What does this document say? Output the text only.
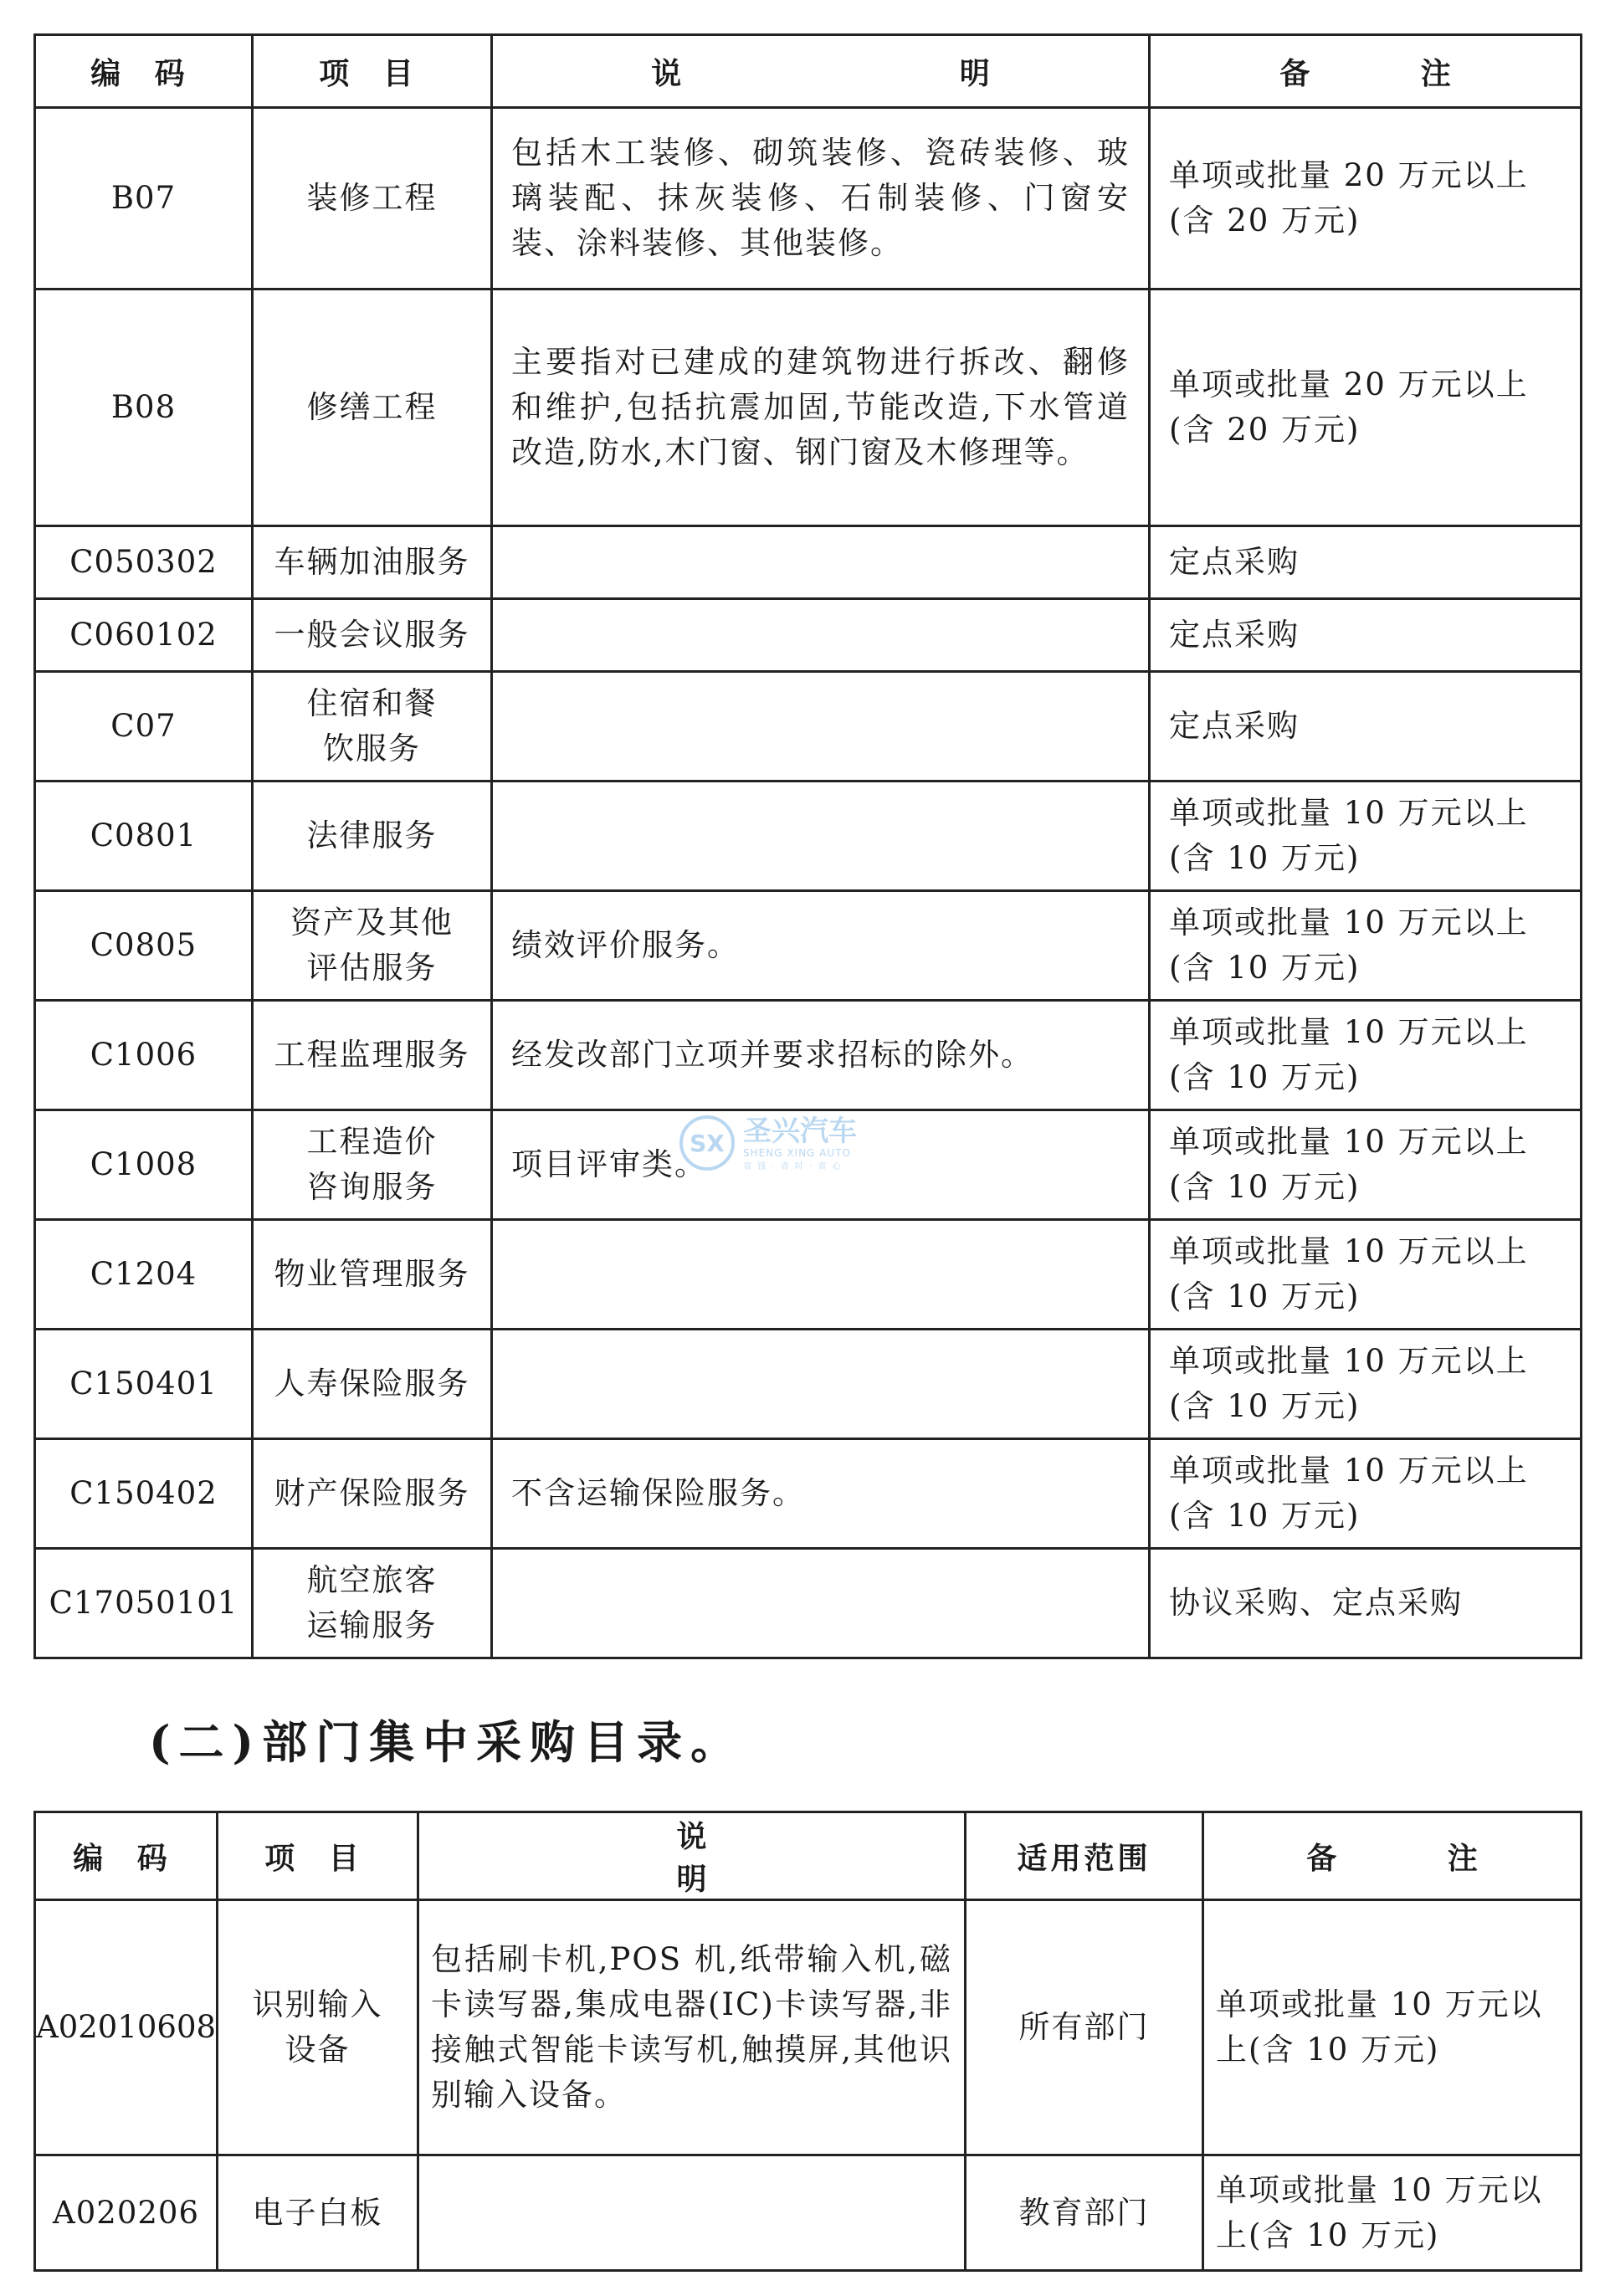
编 码	项 目	说 明	备 注
B07	装修工程	包括木工装修、砌筑装修、瓷砖装修、玻璃装配、抹灰装修、石制装修、门窗安装、涂料装修、其他装修。	单项或批量 20 万元以上(含 20 万元)
B08	修缮工程	主要指对已建成的建筑物进行拆改、翻修和维护,包括抗震加固,节能改造,下水管道改造,防水,木门窗、钢门窗及木修理等。	单项或批量 20 万元以上(含 20 万元)
C050302	车辆加油服务		定点采购
C060102	一般会议服务		定点采购
C07	住宿和餐饮服务		定点采购
C0801	法律服务		单项或批量 10 万元以上(含 10 万元)
C0805	资产及其他评估服务	绩效评价服务。	单项或批量 10 万元以上(含 10 万元)
C1006	工程监理服务	经发改部门立项并要求招标的除外。	单项或批量 10 万元以上(含 10 万元)
C1008	工程造价咨询服务	项目评审类。	单项或批量 10 万元以上(含 10 万元)
C1204	物业管理服务		单项或批量 10 万元以上(含 10 万元)
C150401	人寿保险服务		单项或批量 10 万元以上(含 10 万元)
C150402	财产保险服务	不含运输保险服务。	单项或批量 10 万元以上(含 10 万元)
C17050101	航空旅客运输服务		协议采购、定点采购
SX 圣兴汽车
SHENG XING AUTO
省 钱 · 省 时 · 省 心
(二)部门集中采购目录。
编 码	项 目	说 明	适用范围	备 注
A02010608	识别输入设备	包括刷卡机,POS 机,纸带输入机,磁卡读写器,集成电器(IC)卡读写器,非接触式智能卡读写机,触摸屏,其他识别输入设备。	所有部门	单项或批量 10 万元以上(含 10 万元)
A020206	电子白板		教育部门	单项或批量 10 万元以上(含 10 万元)
